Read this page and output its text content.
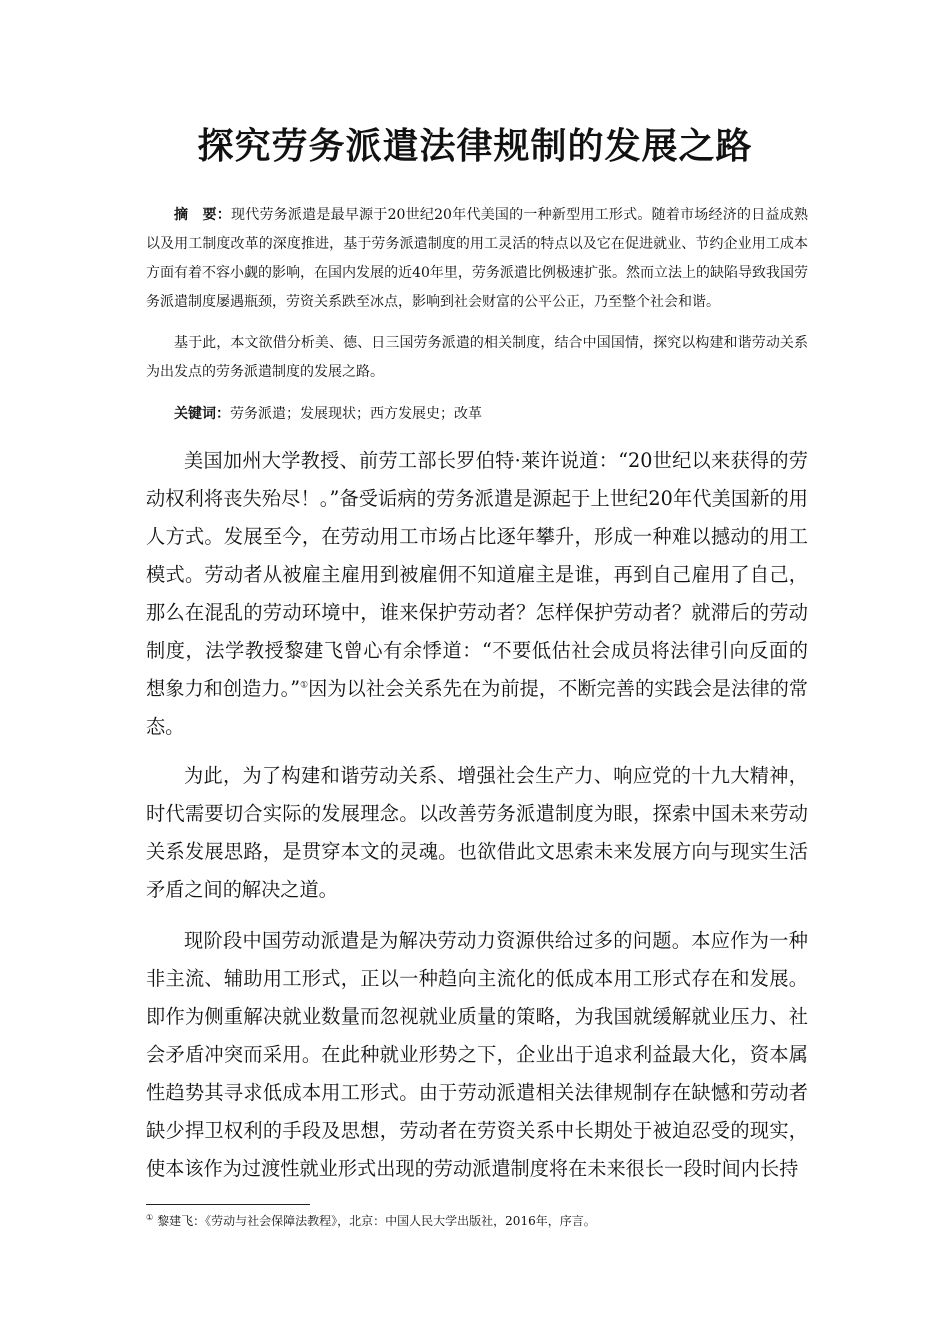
探究劳务派遣法律规制的发展之路
摘　要：现代劳务派遣是最早源于20世纪20年代美国的一种新型用工形式。随着市场经济的日益成熟以及用工制度改革的深度推进，基于劳务派遣制度的用工灵活的特点以及它在促进就业、节约企业用工成本方面有着不容小觑的影响，在国内发展的近40年里，劳务派遣比例极速扩张。然而立法上的缺陷导致我国劳务派遣制度屡遇瓶颈，劳资关系跌至冰点，影响到社会财富的公平公正，乃至整个社会和谐。
基于此，本文欲借分析美、德、日三国劳务派遣的相关制度，结合中国国情，探究以构建和谐劳动关系为出发点的劳务派遣制度的发展之路。
关键词：劳务派遣；发展现状；西方发展史；改革
美国加州大学教授、前劳工部长罗伯特·莱许说道：“20世纪以来获得的劳动权利将丧失殆尽！。”备受诟病的劳务派遣是源起于上世纪20年代美国新的用人方式。发展至今，在劳动用工市场占比逐年攀升，形成一种难以撼动的用工模式。劳动者从被雇主雇用到被雇佣不知道雇主是谁，再到自己雇用了自己，那么在混乱的劳动环境中，谁来保护劳动者？怎样保护劳动者？就滞后的劳动制度，法学教授黎建飞曾心有余悸道：“不要低估社会成员将法律引向反面的想象力和创造力。”①因为以社会关系先在为前提，不断完善的实践会是法律的常态。
为此，为了构建和谐劳动关系、增强社会生产力、响应党的十九大精神，时代需要切合实际的发展理念。以改善劳务派遣制度为眼，探索中国未来劳动关系发展思路，是贯穿本文的灵魂。也欲借此文思索未来发展方向与现实生活矛盾之间的解决之道。
现阶段中国劳动派遣是为解决劳动力资源供给过多的问题。本应作为一种非主流、辅助用工形式，正以一种趋向主流化的低成本用工形式存在和发展。即作为侧重解决就业数量而忽视就业质量的策略，为我国就缓解就业压力、社会矛盾冲突而采用。在此种就业形势之下，企业出于追求利益最大化，资本属性趋势其寻求低成本用工形式。由于劳动派遣相关法律规制存在缺憾和劳动者缺少捍卫权利的手段及思想，劳动者在劳资关系中长期处于被迫忍受的现实，使本该作为过渡性就业形式出现的劳动派遣制度将在未来很长一段时间内长持
① 黎建飞：《劳动与社会保障法教程》，北京：中国人民大学出版社，2016年，序言。
